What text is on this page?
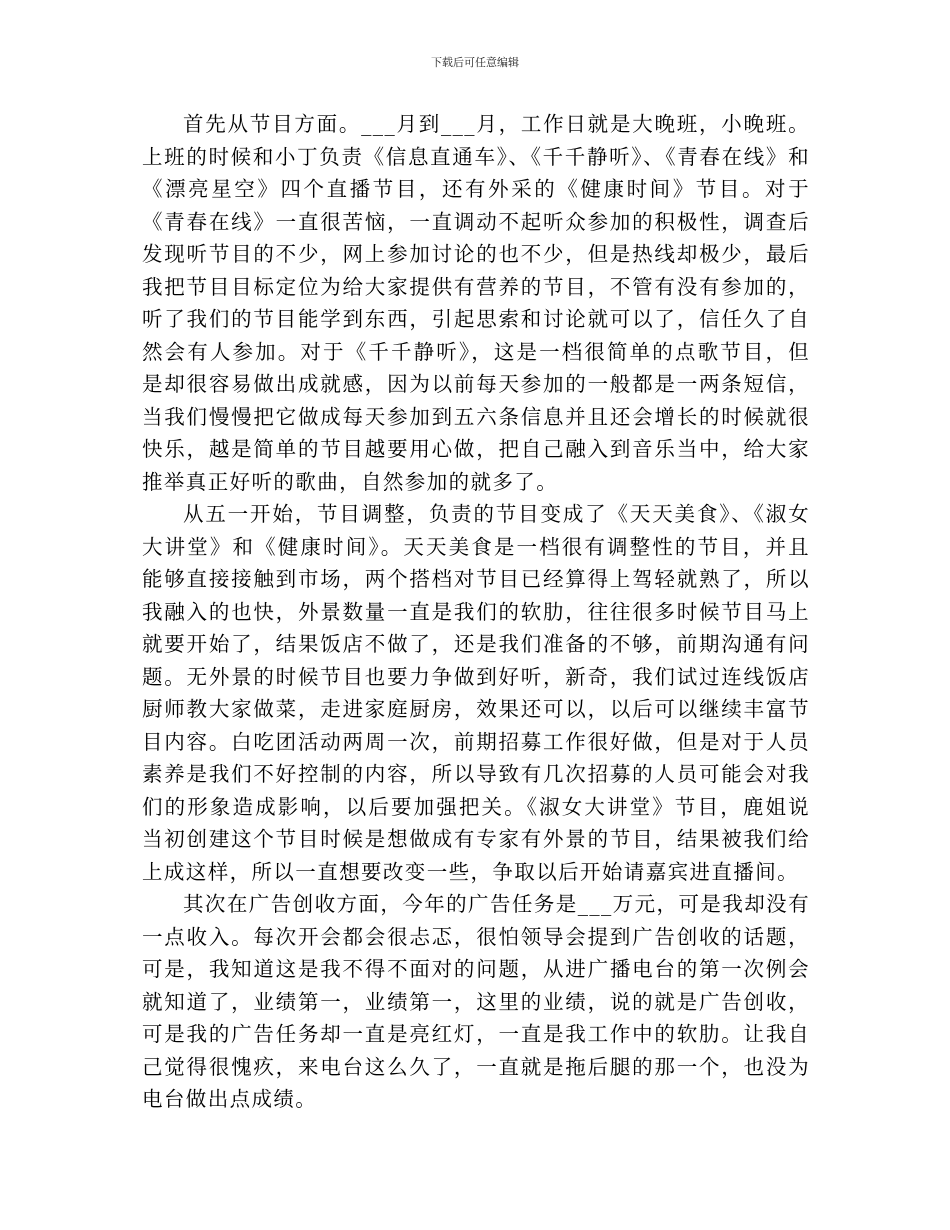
下载后可任意编辑

首先从节目方面。___月到___月，工作日就是大晚班，小晚班。上班的时候和小丁负责《信息直通车》、《千千静听》、《青春在线》和《漂亮星空》四个直播节目，还有外采的《健康时间》节目。对于《青春在线》一直很苦恼，一直调动不起听众参加的积极性，调查后发现听节目的不少，网上参加讨论的也不少，但是热线却极少，最后我把节目目标定位为给大家提供有营养的节目，不管有没有参加的，听了我们的节目能学到东西，引起思索和讨论就可以了，信任久了自然会有人参加。对于《千千静听》，这是一档很简单的点歌节目，但是却很容易做出成就感，因为以前每天参加的一般都是一两条短信，当我们慢慢把它做成每天参加到五六条信息并且还会增长的时候就很快乐，越是简单的节目越要用心做，把自己融入到音乐当中，给大家推举真正好听的歌曲，自然参加的就多了。

从五一开始，节目调整，负责的节目变成了《天天美食》、《淑女大讲堂》和《健康时间》。天天美食是一档很有调整性的节目，并且能够直接接触到市场，两个搭档对节目已经算得上驾轻就熟了，所以我融入的也快，外景数量一直是我们的软肋，往往很多时候节目马上就要开始了，结果饭店不做了，还是我们准备的不够，前期沟通有问题。无外景的时候节目也要力争做到好听，新奇，我们试过连线饭店厨师教大家做菜，走进家庭厨房，效果还可以，以后可以继续丰富节目内容。白吃团活动两周一次，前期招募工作很好做，但是对于人员素养是我们不好控制的内容，所以导致有几次招募的人员可能会对我们的形象造成影响，以后要加强把关。《淑女大讲堂》节目，鹿姐说当初创建这个节目时候是想做成有专家有外景的节目，结果被我们给上成这样，所以一直想要改变一些，争取以后开始请嘉宾进直播间。

其次在广告创收方面，今年的广告任务是___万元，可是我却没有一点收入。每次开会都会很忐忑，很怕领导会提到广告创收的话题，可是，我知道这是我不得不面对的问题，从进广播电台的第一次例会就知道了，业绩第一，业绩第一，这里的业绩，说的就是广告创收，可是我的广告任务却一直是亮红灯，一直是我工作中的软肋。让我自己觉得很愧疚，来电台这么久了，一直就是拖后腿的那一个，也没为电台做出点成绩。
